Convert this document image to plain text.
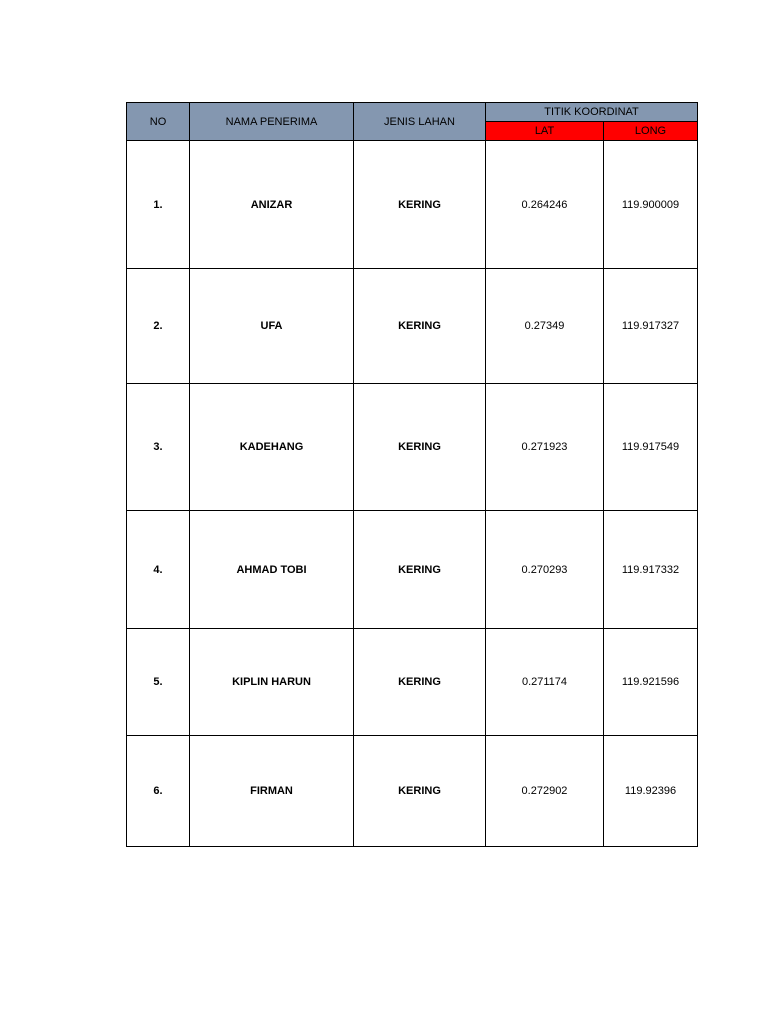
NO	NAMA PENERIMA	JENIS LAHAN	TITIK KOORDINAT	
			LAT	LONG
1.	ANIZAR	KERING	0.264246	119.900009
2.	UFA	KERING	0.27349	119.917327
3.	KADEHANG	KERING	0.271923	119.917549
4.	AHMAD TOBI	KERING	0.270293	119.917332
5.	KIPLIN HARUN	KERING	0.271174	119.921596
6.	FIRMAN	KERING	0.272902	119.92396
